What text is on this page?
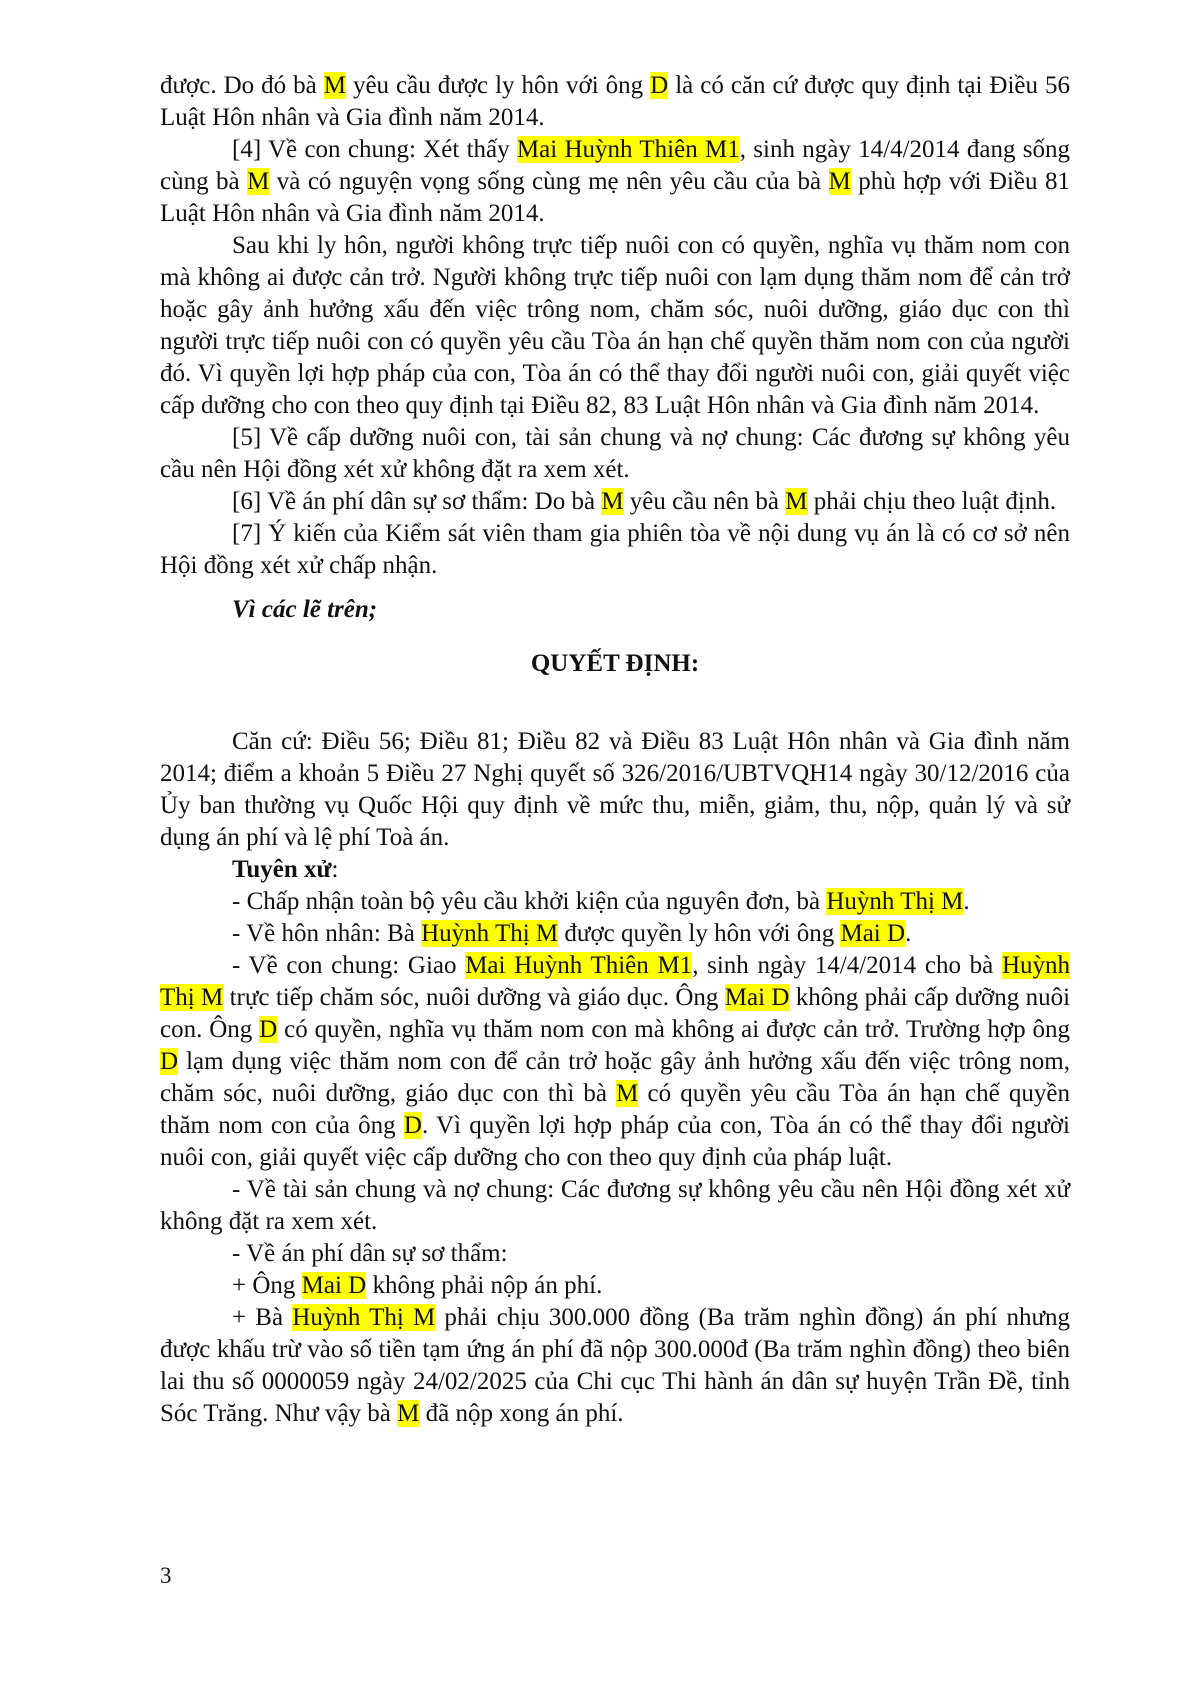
được. Do đó bà M yêu cầu được ly hôn với ông D là có căn cứ được quy định tại Điều 56 Luật Hôn nhân và Gia đình năm 2014.

[4] Về con chung: Xét thấy Mai Huỳnh Thiên M1, sinh ngày 14/4/2014 đang sống cùng bà M và có nguyện vọng sống cùng mẹ nên yêu cầu của bà M phù hợp với Điều 81 Luật Hôn nhân và Gia đình năm 2014.

Sau khi ly hôn, người không trực tiếp nuôi con có quyền, nghĩa vụ thăm nom con mà không ai được cản trở. Người không trực tiếp nuôi con lạm dụng thăm nom để cản trở hoặc gây ảnh hưởng xấu đến việc trông nom, chăm sóc, nuôi dưỡng, giáo dục con thì người trực tiếp nuôi con có quyền yêu cầu Tòa án hạn chế quyền thăm nom con của người đó. Vì quyền lợi hợp pháp của con, Tòa án có thể thay đổi người nuôi con, giải quyết việc cấp dưỡng cho con theo quy định tại Điều 82, 83 Luật Hôn nhân và Gia đình năm 2014.

[5] Về cấp dưỡng nuôi con, tài sản chung và nợ chung: Các đương sự không yêu cầu nên Hội đồng xét xử không đặt ra xem xét.

[6] Về án phí dân sự sơ thẩm: Do bà M yêu cầu nên bà M phải chịu theo luật định.

[7] Ý kiến của Kiểm sát viên tham gia phiên tòa về nội dung vụ án là có cơ sở nên Hội đồng xét xử chấp nhận.

Vì các lẽ trên;

QUYẾT ĐỊNH:

Căn cứ: Điều 56; Điều 81; Điều 82 và Điều 83 Luật Hôn nhân và Gia đình năm 2014; điểm a khoản 5 Điều 27 Nghị quyết số 326/2016/UBTVQH14 ngày 30/12/2016 của Ủy ban thường vụ Quốc Hội quy định về mức thu, miễn, giảm, thu, nộp, quản lý và sử dụng án phí và lệ phí Toà án.

Tuyên xử:

- Chấp nhận toàn bộ yêu cầu khởi kiện của nguyên đơn, bà Huỳnh Thị M.

- Về hôn nhân: Bà Huỳnh Thị M được quyền ly hôn với ông Mai D.

- Về con chung: Giao Mai Huỳnh Thiên M1, sinh ngày 14/4/2014 cho bà Huỳnh Thị M trực tiếp chăm sóc, nuôi dưỡng và giáo dục. Ông Mai D không phải cấp dưỡng nuôi con. Ông D có quyền, nghĩa vụ thăm nom con mà không ai được cản trở. Trường hợp ông D lạm dụng việc thăm nom con để cản trở hoặc gây ảnh hưởng xấu đến việc trông nom, chăm sóc, nuôi dưỡng, giáo dục con thì bà M có quyền yêu cầu Tòa án hạn chế quyền thăm nom con của ông D. Vì quyền lợi hợp pháp của con, Tòa án có thể thay đổi người nuôi con, giải quyết việc cấp dưỡng cho con theo quy định của pháp luật.

- Về tài sản chung và nợ chung: Các đương sự không yêu cầu nên Hội đồng xét xử không đặt ra xem xét.

- Về án phí dân sự sơ thẩm:

+ Ông Mai D không phải nộp án phí.

+ Bà Huỳnh Thị M phải chịu 300.000 đồng (Ba trăm nghìn đồng) án phí nhưng được khấu trừ vào số tiền tạm ứng án phí đã nộp 300.000đ (Ba trăm nghìn đồng) theo biên lai thu số 0000059 ngày 24/02/2025 của Chi cục Thi hành án dân sự huyện Trần Đề, tỉnh Sóc Trăng. Như vậy bà M đã nộp xong án phí.

3
